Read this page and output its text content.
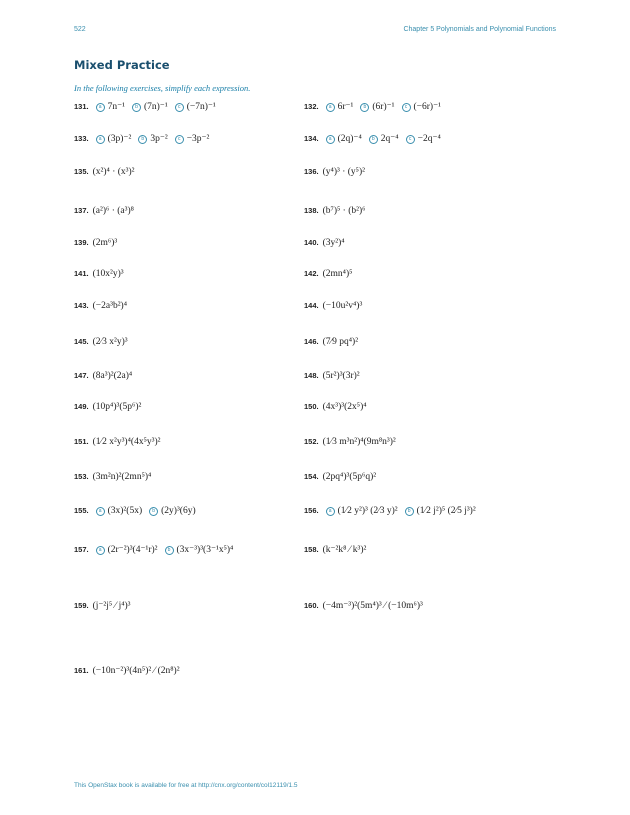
522	Chapter 5 Polynomials and Polynomial Functions
Mixed Practice
In the following exercises, simplify each expression.
131. a 7n⁻¹ b (7n)⁻¹ c (−7n)⁻¹	132. a 6r⁻¹ b (6r)⁻¹ c (−6r)⁻¹
133. a (3p)⁻² b 3p⁻² c −3p⁻²	134. a (2q)⁻⁴ b 2q⁻⁴ c −2q⁻⁴
135. (x²)⁴ · (x³)²	136. (y⁴)³ · (y⁵)²
137. (a²)⁶ · (a³)⁸	138. (b⁷)⁵ · (b²)⁶
139. (2m⁶)³	140. (3y²)⁴
141. (10x²y)³	142. (2mn⁴)⁵
143. (−2a³b²)⁴	144. (−10u²v⁴)³
145. (2⁄3 x²y)³	146. (7⁄9 pq⁴)²
147. (8a³)²(2a)⁴	148. (5r²)³(3r)²
149. (10p⁴)³(5p⁶)²	150. (4x³)³(2x⁵)⁴
151. (1⁄2 x²y³)⁴(4x⁵y³)²	152. (1⁄3 m³n²)⁴(9m⁸n³)²
153. (3m²n)²(2mn⁵)⁴	154. (2pq⁴)³(5p⁶q)²
155. a (3x)²(5x) b (2y)³(6y)	156. a (1⁄2 y²)³ (2⁄3 y)² b (1⁄2 j²)⁵ (2⁄5 j³)²
157. a (2r⁻²)³(4⁻¹r)² b (3x⁻³)³(3⁻¹x⁵)⁴	158. (k⁻²k⁸ ⁄ k³)²
159. (j⁻²j⁵ ⁄ j⁴)³	160. (−4m⁻³)²(5m⁴)³ ⁄ (−10m⁶)³
161. (−10n⁻²)³(4n⁵)² ⁄ (2n⁸)²
This OpenStax book is available for free at http://cnx.org/content/col12119/1.5
